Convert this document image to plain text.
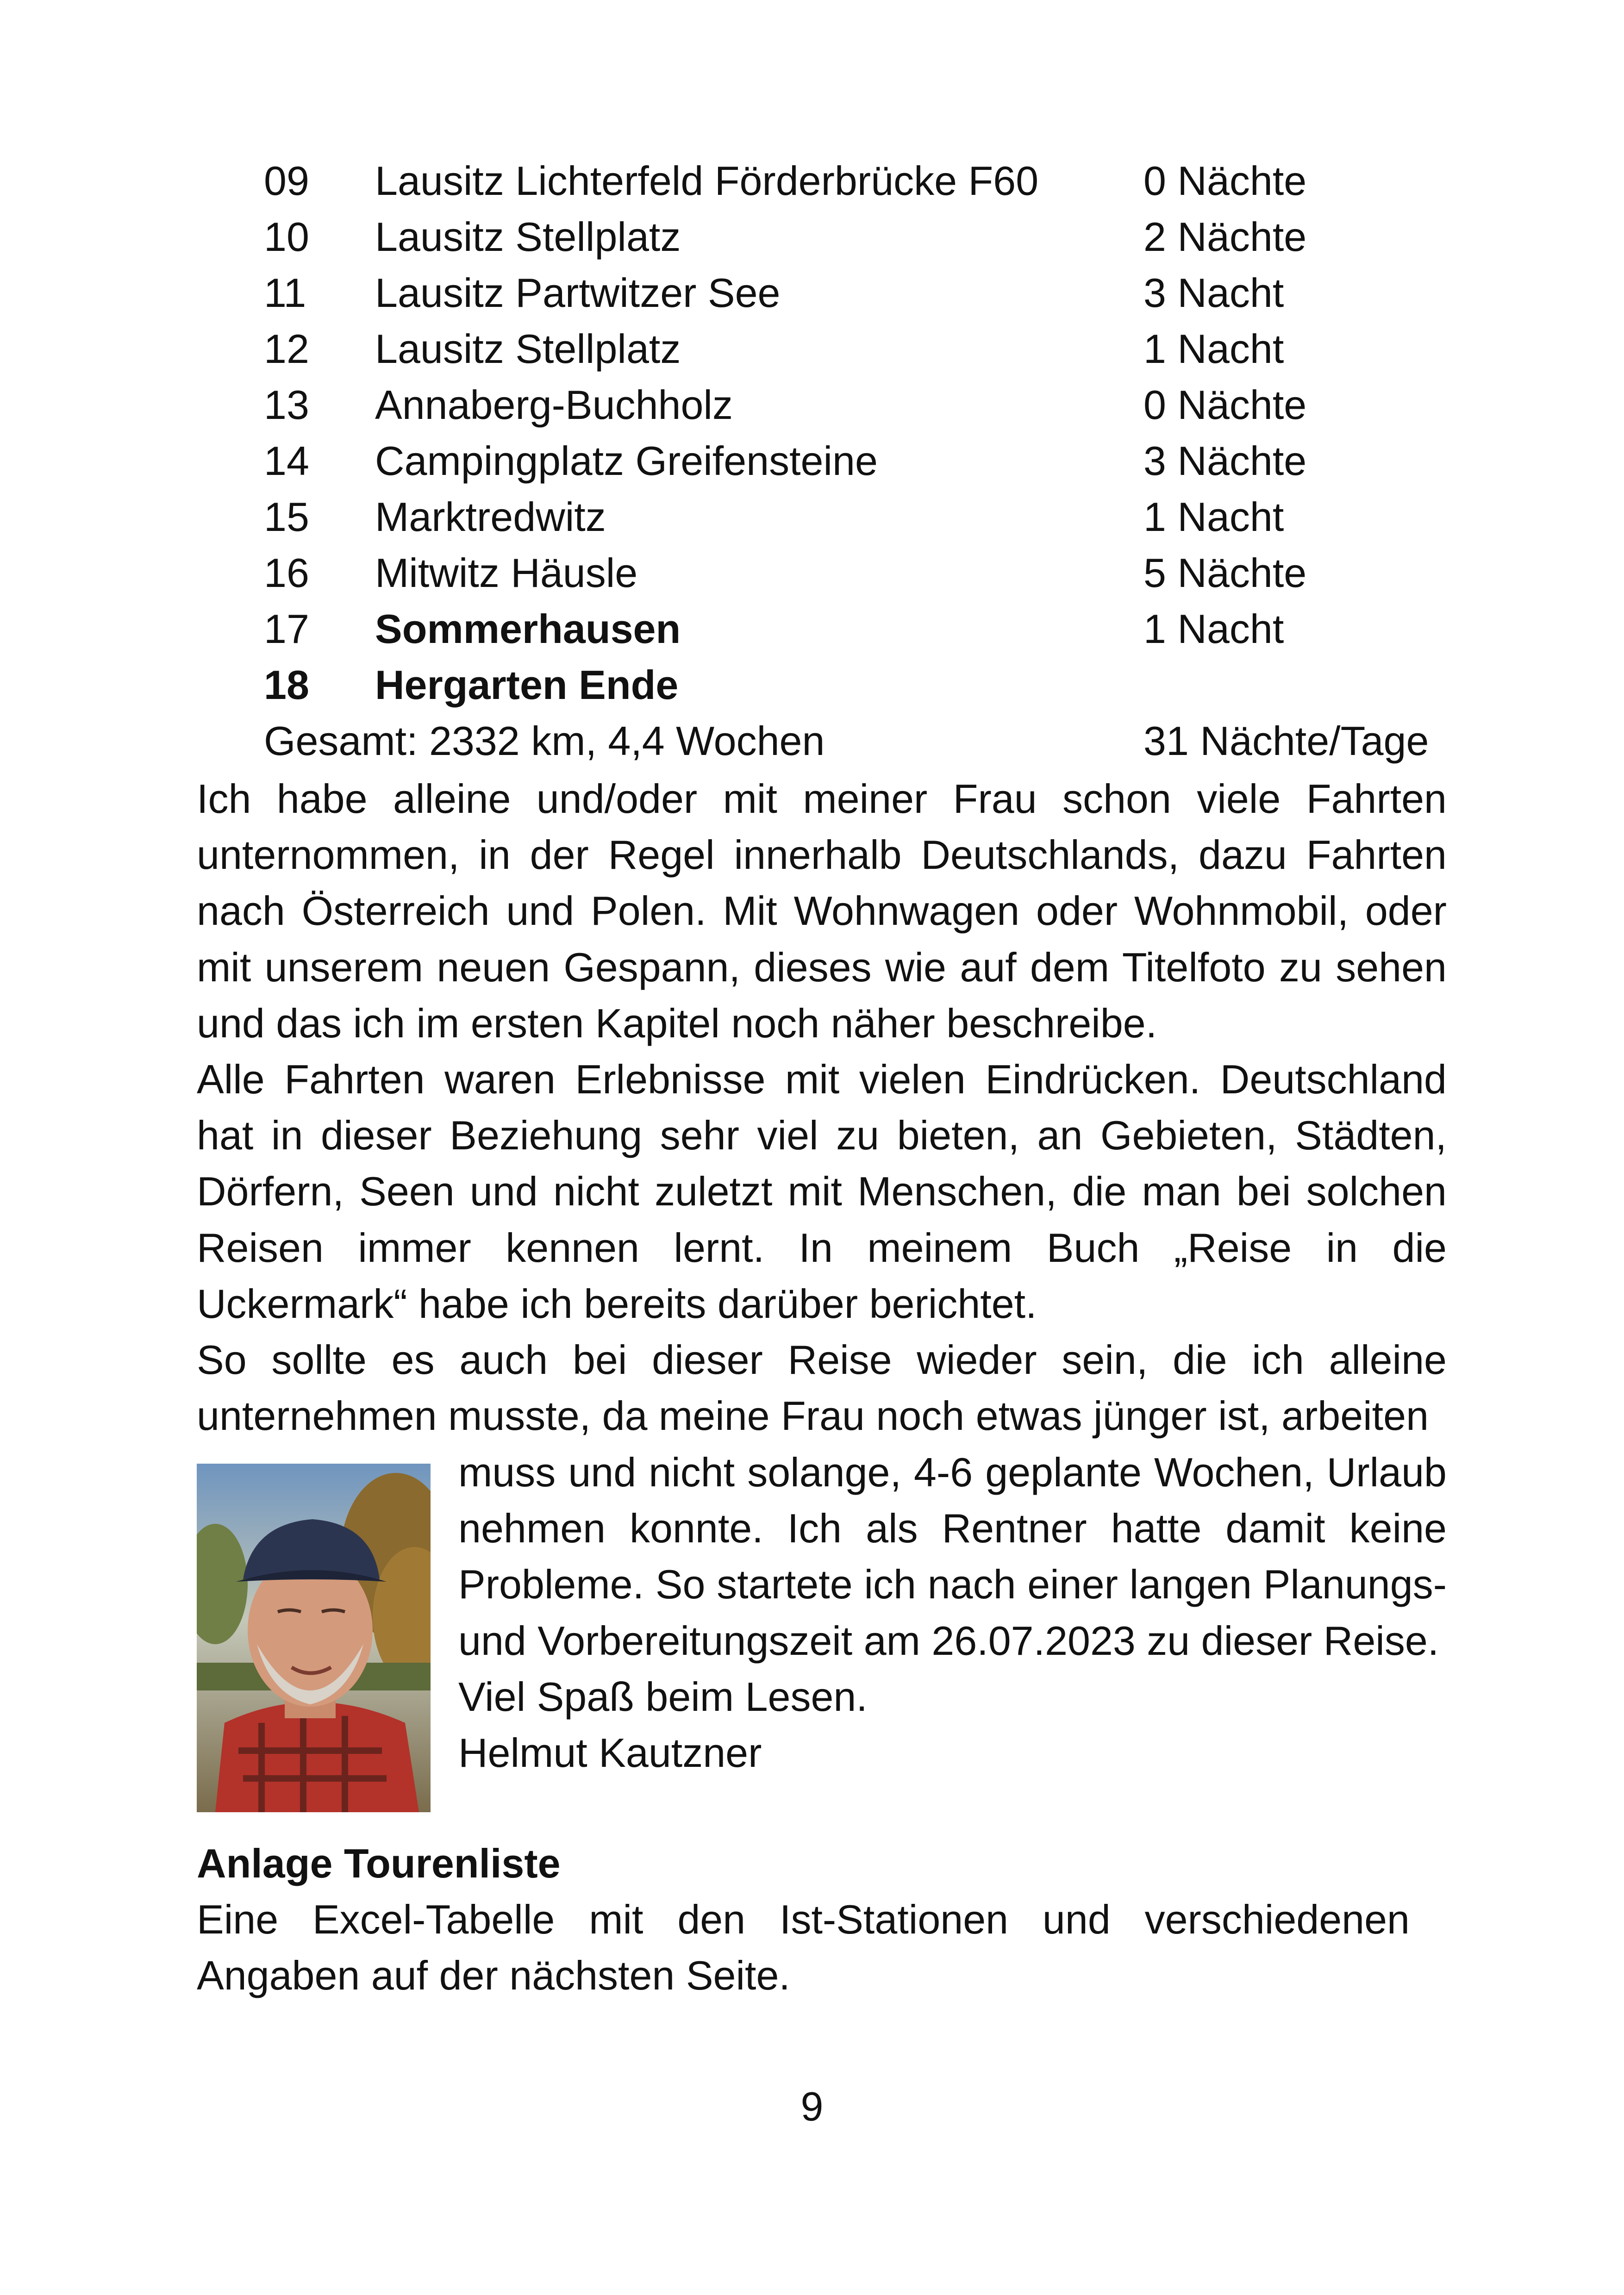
09 Lausitz Lichterfeld Förderbrücke F60	0 Nächte
10 Lausitz Stellplatz	2 Nächte
11 Lausitz Partwitzer See	3 Nacht
12 Lausitz Stellplatz	1 Nacht
13 Annaberg-Buchholz	0 Nächte
14 Campingplatz Greifensteine	3 Nächte
15 Marktredwitz	1 Nacht
16 Mitwitz Häusle	5 Nächte
17 Sommerhausen	1 Nacht
18 Hergarten Ende
Gesamt: 2332 km, 4,4 Wochen	31 Nächte/Tage

Ich habe alleine und/oder mit meiner Frau schon viele Fahrten unternommen, in der Regel innerhalb Deutschlands, dazu Fahrten nach Österreich und Polen. Mit Wohnwagen oder Wohnmobil, oder mit unserem neuen Gespann, dieses wie auf dem Titelfoto zu sehen und das ich im ersten Kapitel noch näher beschreibe.

Alle Fahrten waren Erlebnisse mit vielen Eindrücken. Deutschland hat in dieser Beziehung sehr viel zu bieten, an Gebieten, Städten, Dörfern, Seen und nicht zuletzt mit Menschen, die man bei solchen Reisen immer kennen lernt. In meinem Buch „Reise in die Uckermark“ habe ich bereits darüber berichtet.

So sollte es auch bei dieser Reise wieder sein, die ich alleine unternehmen musste, da meine Frau noch etwas jünger ist, arbeiten

muss und nicht solange, 4-6 geplante Wochen, Urlaub nehmen konnte. Ich als Rentner hatte damit keine Probleme. So startete ich nach einer langen Planungs- und Vorbereitungszeit am 26.07.2023 zu dieser Reise.

Viel Spaß beim Lesen.

Helmut Kautzner

Anlage Tourenliste

Eine Excel-Tabelle mit den Ist-Stationen und verschiedenen Angaben auf der nächsten Seite.

9
